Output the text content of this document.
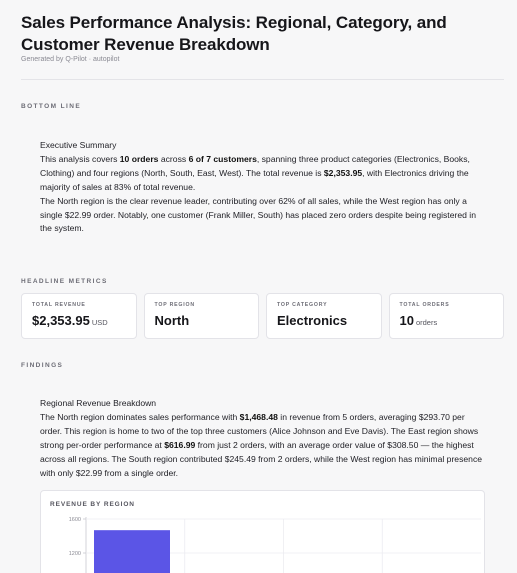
Sales Performance Analysis: Regional, Category, and Customer Revenue Breakdown
Generated by Q-Pilot · autopilot
BOTTOM LINE
Executive Summary

This analysis covers 10 orders across 6 of 7 customers, spanning three product categories (Electronics, Books, Clothing) and four regions (North, South, East, West). The total revenue is $2,353.95, with Electronics driving the majority of sales at 83% of total revenue.

The North region is the clear revenue leader, contributing over 62% of all sales, while the West region has only a single $22.99 order. Notably, one customer (Frank Miller, South) has placed zero orders despite being registered in the system.

HEADLINE METRICS
TOTAL REVENUE
$2,353.95 USD
TOP REGION
North
TOP CATEGORY
Electronics
TOTAL ORDERS
10 orders
FINDINGS
Regional Revenue Breakdown

The North region dominates sales performance with $1,468.48 in revenue from 5 orders, averaging $293.70 per order. This region is home to two of the top three customers (Alice Johnson and Eve Davis). The East region shows strong per-order performance at $616.99 from just 2 orders, with an average order value of $308.50 — the highest across all regions. The South region contributed $245.49 from 2 orders, while the West region has minimal presence with only $22.99 from a single order.

REVENUE BY REGION
1200
1600
